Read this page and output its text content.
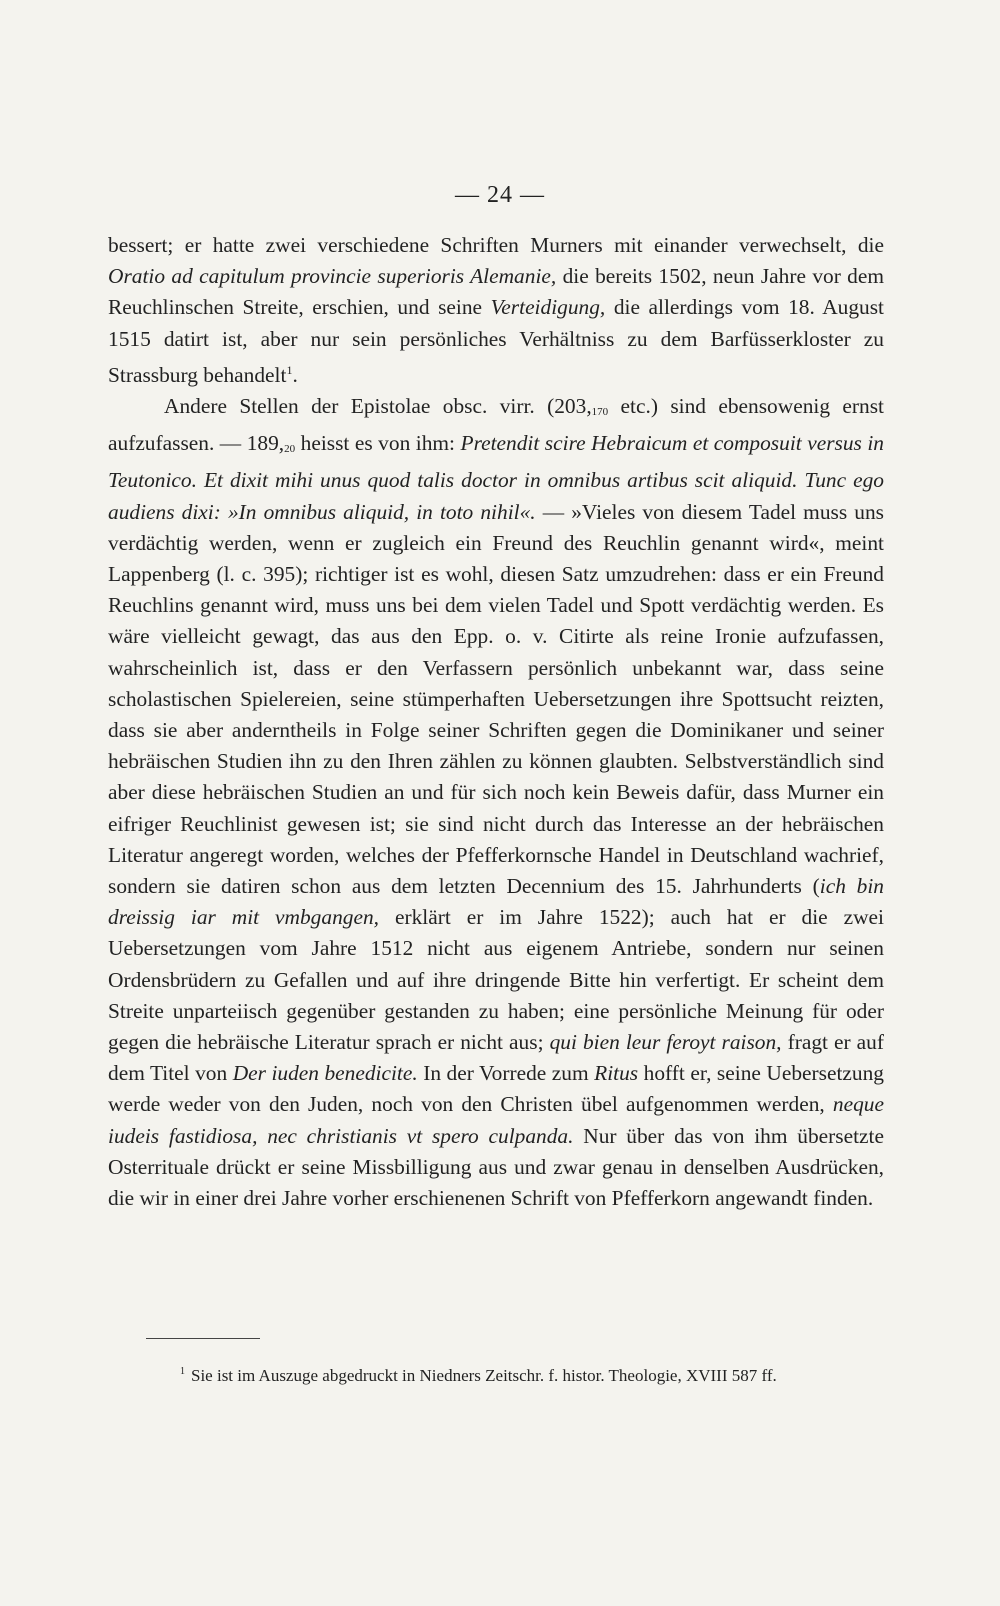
— 24 —

bessert; er hatte zwei verschiedene Schriften Murners mit einander verwechselt, die Oratio ad capitulum provincie superioris Alemanie, die bereits 1502, neun Jahre vor dem Reuchlinschen Streite, erschien, und seine Verteidigung, die allerdings vom 18. August 1515 datirt ist, aber nur sein persönliches Verhältniss zu dem Barfüsserkloster zu Strassburg behandelt$^1$.

Andere Stellen der Epistolae obsc. virr. ($203,_{170}$ etc.) sind ebensowenig ernst aufzufassen. — $189,_{20}$ heisst es von ihm: Pretendit scire Hebraicum et composuit versus in Teutonico. Et dixit mihi unus quod talis doctor in omnibus artibus scit aliquid. Tunc ego audiens dixi: »In omnibus aliquid, in toto nihil«. — »Vieles von diesem Tadel muss uns verdächtig werden, wenn er zugleich ein Freund des Reuchlin genannt wird«, meint Lappenberg (l. c. 395); richtiger ist es wohl, diesen Satz umzudrehen: dass er ein Freund Reuchlins genannt wird, muss uns bei dem vielen Tadel und Spott verdächtig werden. Es wäre vielleicht gewagt, das aus den Epp. o. v. Citirte als reine Ironie aufzufassen, wahrscheinlich ist, dass er den Verfassern persönlich unbekannt war, dass seine scholastischen Spielereien, seine stümperhaften Uebersetzungen ihre Spottsucht reizten, dass sie aber anderntheils in Folge seiner Schriften gegen die Dominikaner und seiner hebräischen Studien ihn zu den Ihren zählen zu können glaubten. Selbstverständlich sind aber diese hebräischen Studien an und für sich noch kein Beweis dafür, dass Murner ein eifriger Reuchlinist gewesen ist; sie sind nicht durch das Interesse an der hebräischen Literatur angeregt worden, welches der Pfefferkornsche Handel in Deutschland wachrief, sondern sie datiren schon aus dem letzten Decennium des 15. Jahrhunderts (ich bin dreissig iar mit vmbgangen, erklärt er im Jahre 1522); auch hat er die zwei Uebersetzungen vom Jahre 1512 nicht aus eigenem Antriebe, sondern nur seinen Ordensbrüdern zu Gefallen und auf ihre dringende Bitte hin verfertigt. Er scheint dem Streite unparteiisch gegenüber gestanden zu haben; eine persönliche Meinung für oder gegen die hebräische Literatur sprach er nicht aus; qui bien leur feroyt raison, fragt er auf dem Titel von Der iuden benedicite. In der Vorrede zum Ritus hofft er, seine Uebersetzung werde weder von den Juden, noch von den Christen übel aufgenommen werden, neque iudeis fastidiosa, nec christianis vt spero culpanda. Nur über das von ihm übersetzte Osterrituale drückt er seine Missbilligung aus und zwar genau in denselben Ausdrücken, die wir in einer drei Jahre vorher erschienenen Schrift von Pfefferkorn angewandt finden.

$^1$ Sie ist im Auszuge abgedruckt in Niedners Zeitschr. f. histor. Theologie, XVIII 587 ff.
